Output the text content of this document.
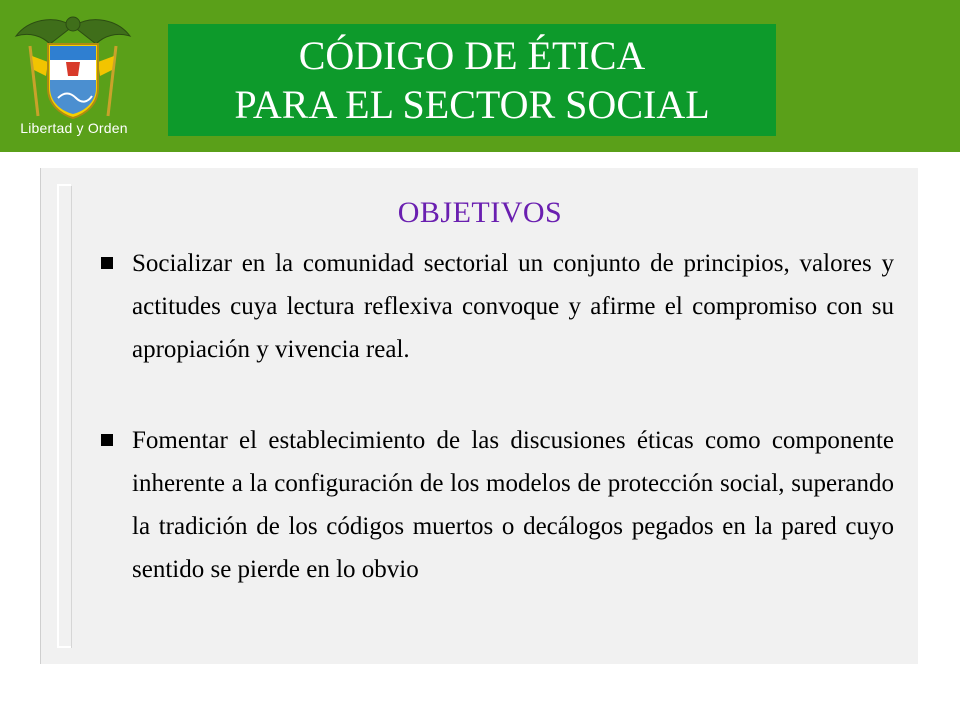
Libertad y Orden
CÓDIGO DE ÉTICA
PARA EL SECTOR SOCIAL
OBJETIVOS
Socializar en la comunidad sectorial un conjunto de principios, valores y actitudes cuya lectura reflexiva convoque y afirme el compromiso con su apropiación y vivencia real.
Fomentar el establecimiento de las discusiones éticas como componente inherente a la configuración de los modelos de protección social, superando la tradición de los códigos muertos o decálogos pegados en la pared cuyo sentido se pierde en lo obvio
